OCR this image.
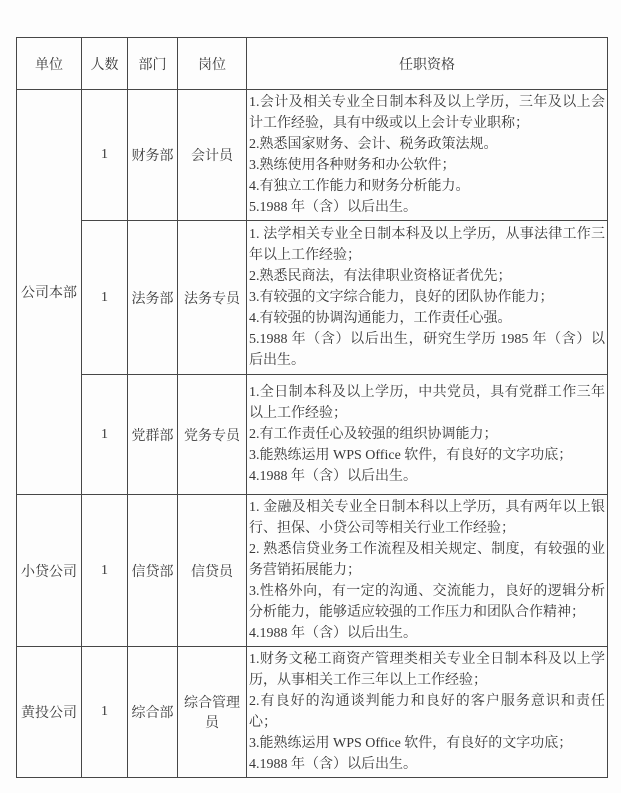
单位	人数	部门	岗位	任职资格
公司本部	1	财务部	会计员	1.会计及相关专业全日制本科及以上学历，三年及以上会计工作经验，具有中级或以上会计专业职称；
2.熟悉国家财务、会计、税务政策法规。
3.熟练使用各种财务和办公软件；
4.有独立工作能力和财务分析能力。
5.1988 年（含）以后出生。

	1	法务部	法务专员	1. 法学相关专业全日制本科及以上学历，从事法律工作三年以上工作经验；
2.熟悉民商法，有法律职业资格证者优先；
3.有较强的文字综合能力，良好的团队协作能力；
4.有较强的协调沟通能力，工作责任心强。
5.1988 年（含）以后出生，研究生学历 1985 年（含）以后出生。

	1	党群部	党务专员	1.全日制本科及以上学历，中共党员，具有党群工作三年以上工作经验；
2.有工作责任心及较强的组织协调能力；
3.能熟练运用 WPS Office 软件，有良好的文字功底；
4.1988 年（含）以后出生。

小贷公司	1	信贷部	信贷员	1. 金融及相关专业全日制本科以上学历，具有两年以上银行、担保、小贷公司等相关行业工作经验；
2. 熟悉信贷业务工作流程及相关规定、制度，有较强的业务营销拓展能力；
3.性格外向，有一定的沟通、交流能力，良好的逻辑分析分析能力，能够适应较强的工作压力和团队合作精神；
4.1988 年（含）以后出生。

黄投公司	1	综合部	综合管理员	1.财务文秘工商资产管理类相关专业全日制本科及以上学历，从事相关工作三年以上工作经验；
2.有良好的沟通谈判能力和良好的客户服务意识和责任心；
3.能熟练运用 WPS Office 软件，有良好的文字功底；
4.1988 年（含）以后出生。
